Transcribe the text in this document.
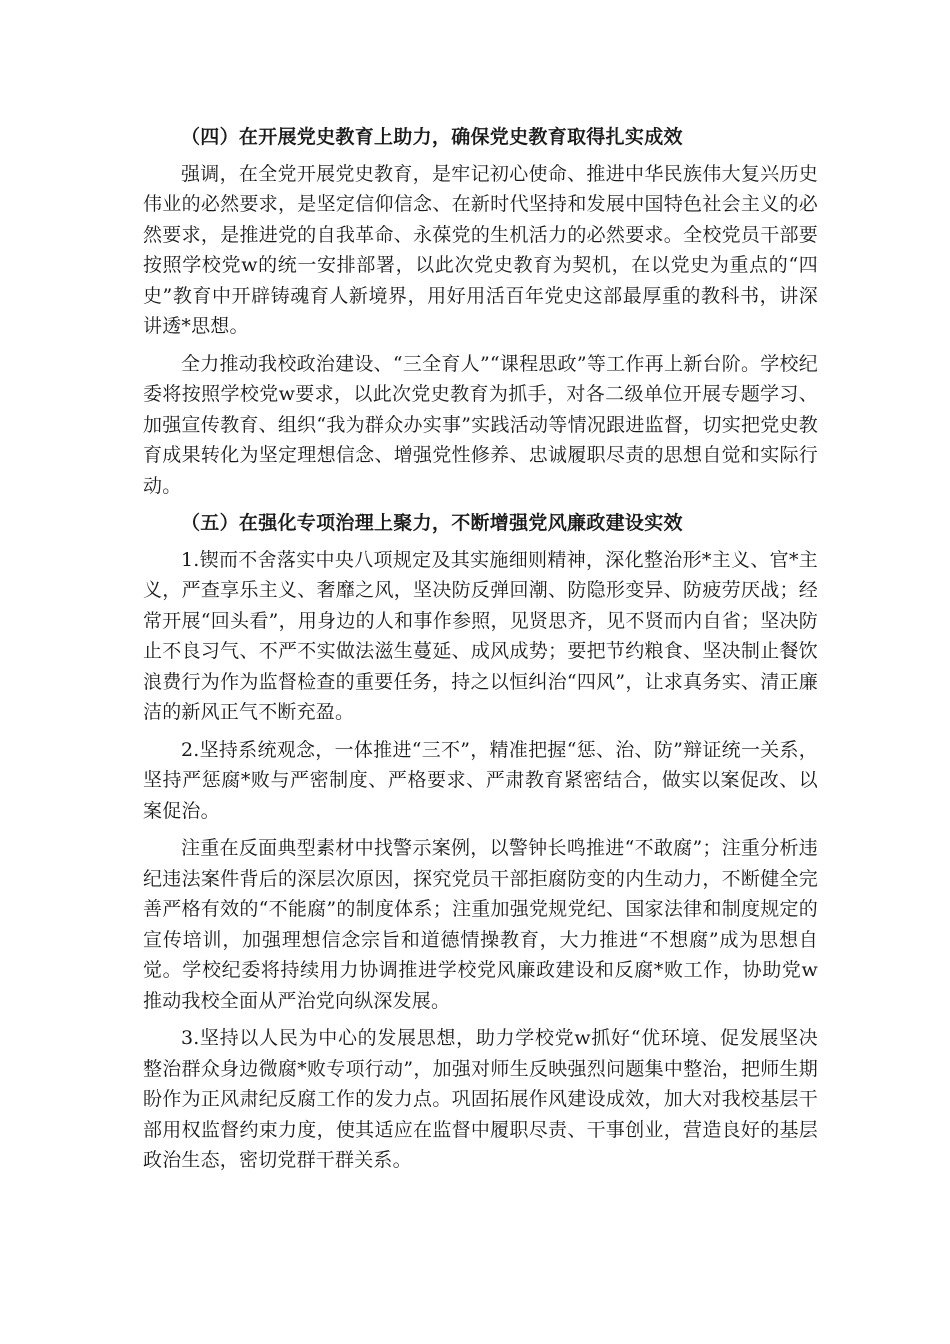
（四）在开展党史教育上助力，确保党史教育取得扎实成效

强调，在全党开展党史教育，是牢记初心使命、推进中华民族伟大复兴历史伟业的必然要求，是坚定信仰信念、在新时代坚持和发展中国特色社会主义的必然要求，是推进党的自我革命、永葆党的生机活力的必然要求。全校党员干部要按照学校党w的统一安排部署，以此次党史教育为契机，在以党史为重点的“四史”教育中开辟铸魂育人新境界，用好用活百年党史这部最厚重的教科书，讲深讲透*思想。

全力推动我校政治建设、“三全育人”“课程思政”等工作再上新台阶。学校纪委将按照学校党w要求，以此次党史教育为抓手，对各二级单位开展专题学习、加强宣传教育、组织“我为群众办实事”实践活动等情况跟进监督，切实把党史教育成果转化为坚定理想信念、增强党性修养、忠诚履职尽责的思想自觉和实际行动。

（五）在强化专项治理上聚力，不断增强党风廉政建设实效

1.锲而不舍落实中央八项规定及其实施细则精神，深化整治形*主义、官*主义，严查享乐主义、奢靡之风，坚决防反弹回潮、防隐形变异、防疲劳厌战；经常开展“回头看”，用身边的人和事作参照，见贤思齐，见不贤而内自省；坚决防止不良习气、不严不实做法滋生蔓延、成风成势；要把节约粮食、坚决制止餐饮浪费行为作为监督检查的重要任务，持之以恒纠治“四风”，让求真务实、清正廉洁的新风正气不断充盈。

2.坚持系统观念，一体推进“三不”，精准把握“惩、治、防”辩证统一关系，坚持严惩腐*败与严密制度、严格要求、严肃教育紧密结合，做实以案促改、以案促治。

注重在反面典型素材中找警示案例，以警钟长鸣推进“不敢腐”；注重分析违纪违法案件背后的深层次原因，探究党员干部拒腐防变的内生动力，不断健全完善严格有效的“不能腐”的制度体系；注重加强党规党纪、国家法律和制度规定的宣传培训，加强理想信念宗旨和道德情操教育，大力推进“不想腐”成为思想自觉。学校纪委将持续用力协调推进学校党风廉政建设和反腐*败工作，协助党w推动我校全面从严治党向纵深发展。

3.坚持以人民为中心的发展思想，助力学校党w抓好“优环境、促发展坚决整治群众身边微腐*败专项行动”，加强对师生反映强烈问题集中整治，把师生期盼作为正风肃纪反腐工作的发力点。巩固拓展作风建设成效，加大对我校基层干部用权监督约束力度，使其适应在监督中履职尽责、干事创业，营造良好的基层政治生态，密切党群干群关系。
